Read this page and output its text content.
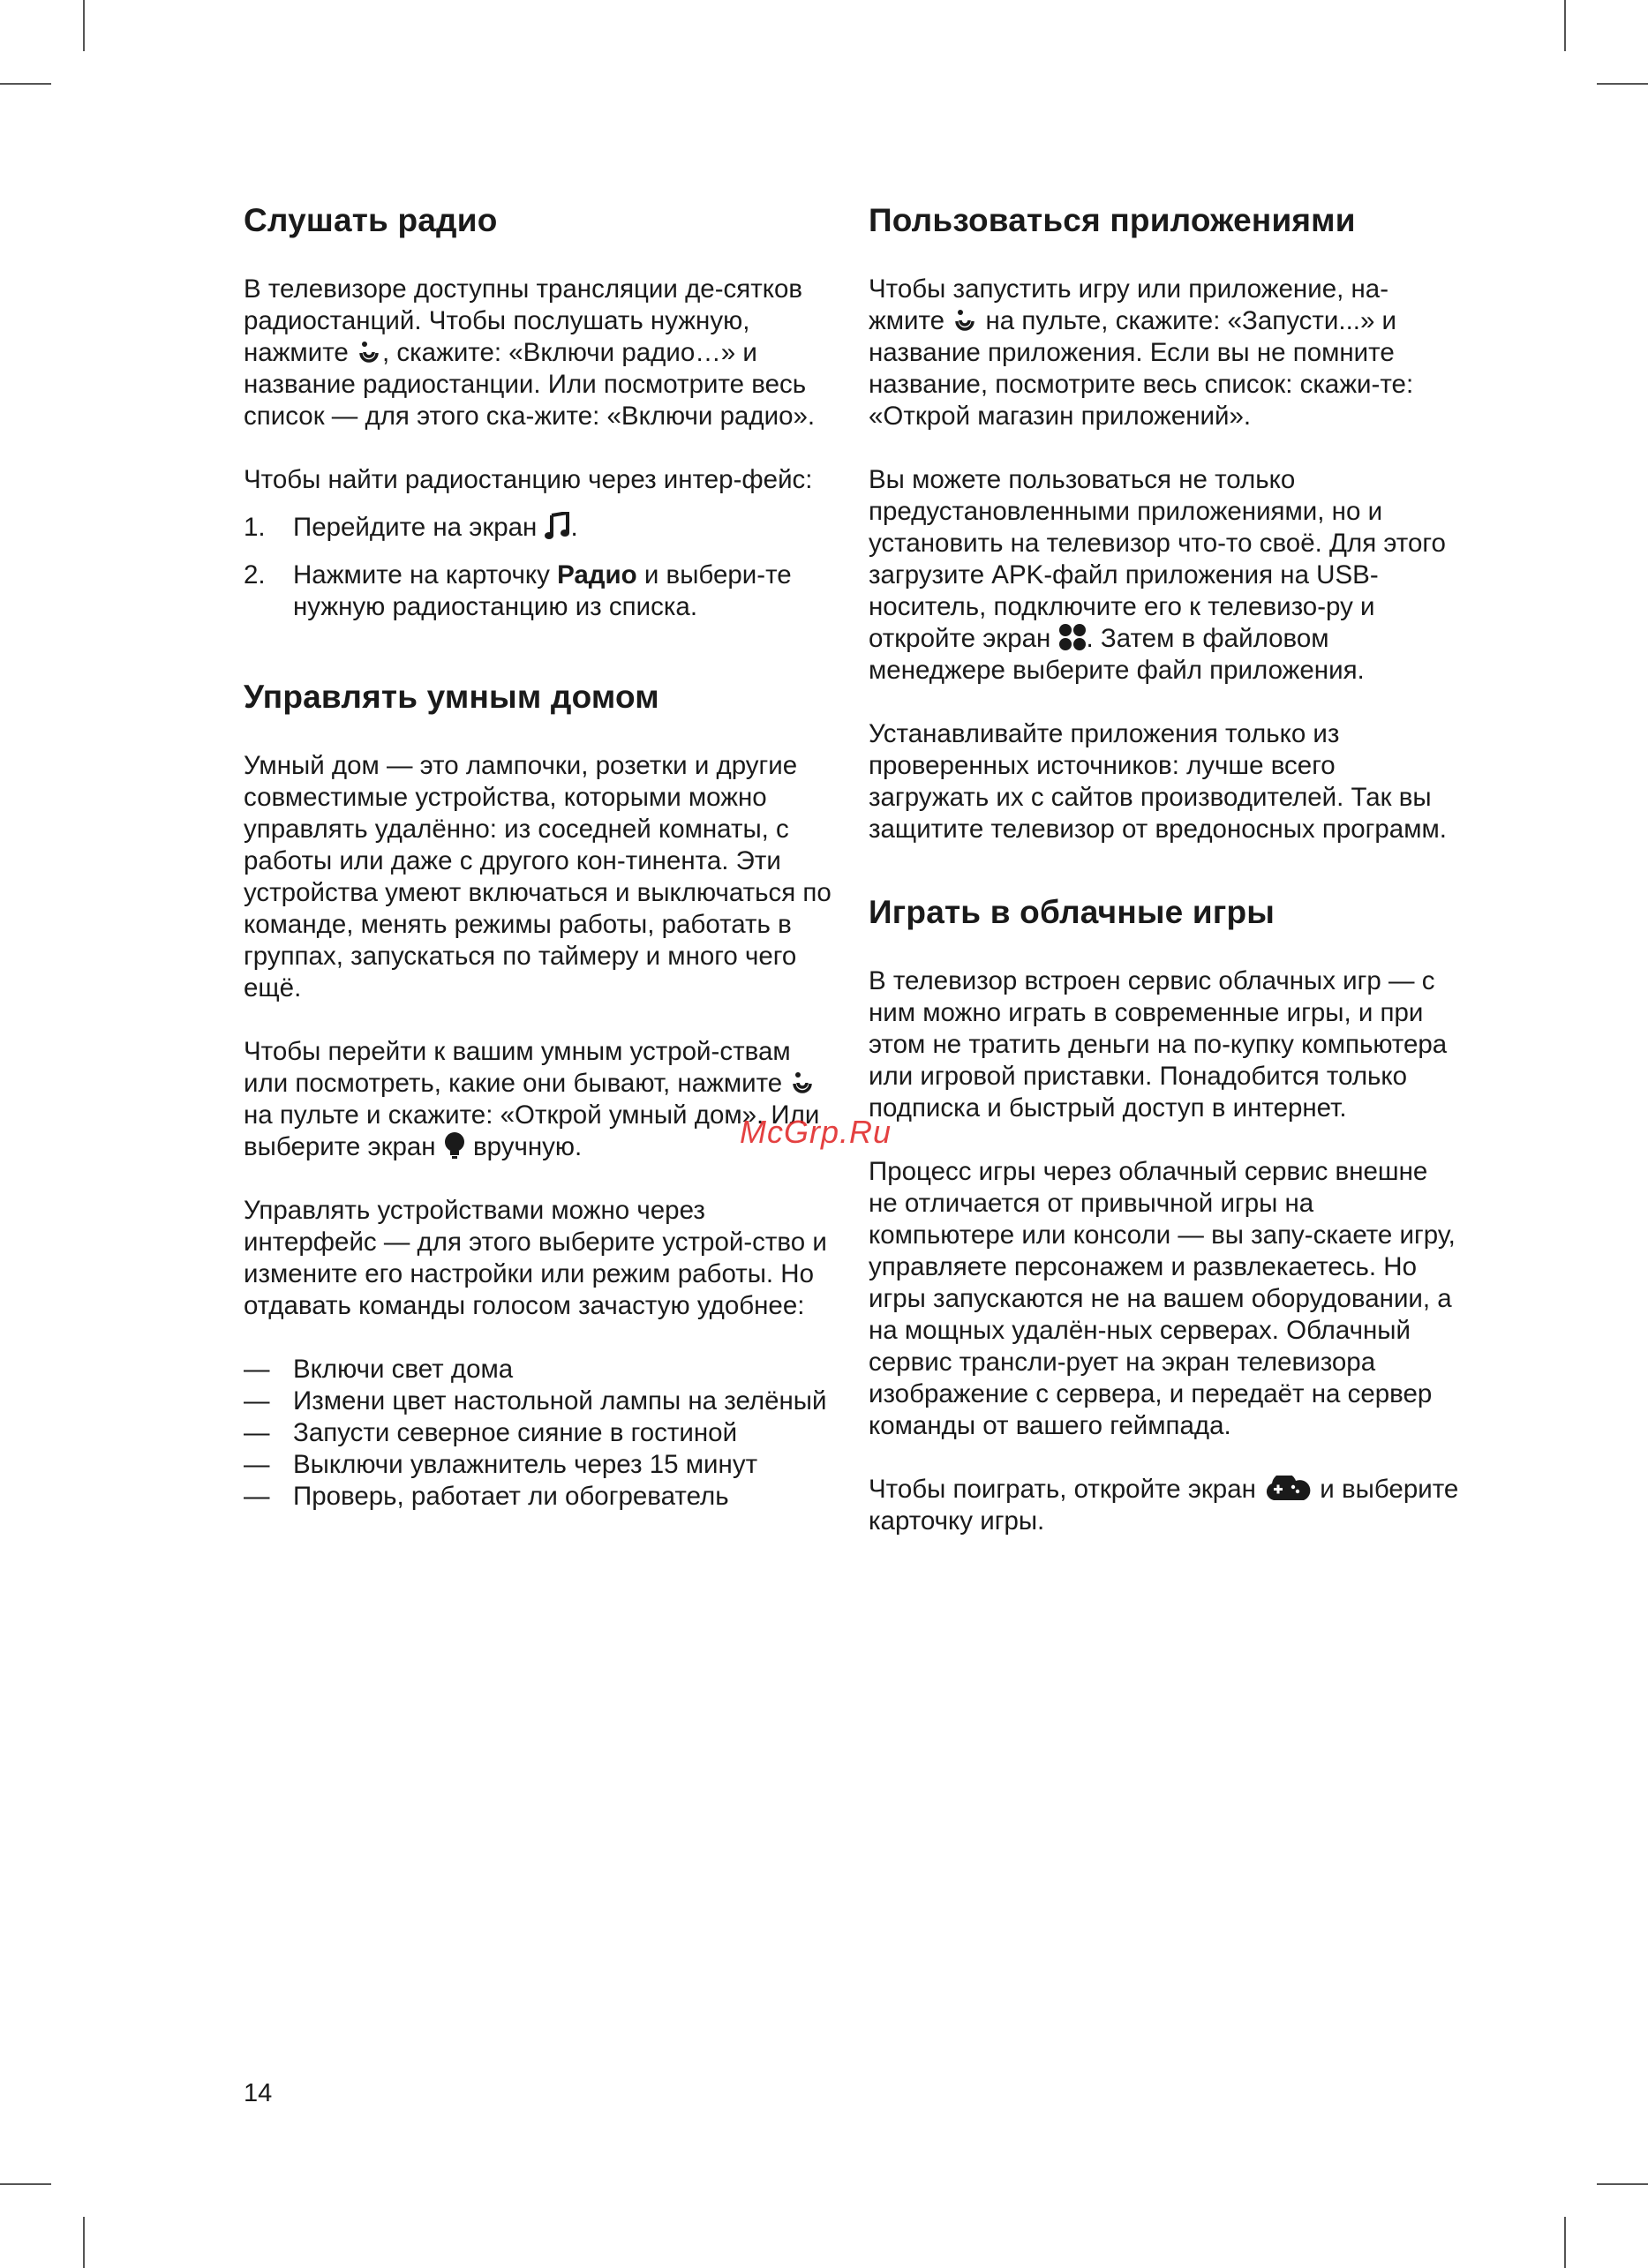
Слушать радио

В телевизоре доступны трансляции де-сятков радиостанций. Чтобы послушать нужную, нажмите , скажите: «Включи радио…» и название радиостанции. Или посмотрите весь список — для этого ска-жите: «Включи радио».

Чтобы найти радиостанцию через интер-фейс:

1. Перейдите на экран .
2. Нажмите на карточку Радио и выбери-те нужную радиостанцию из списка.
Управлять умным домом

Умный дом — это лампочки, розетки и другие совместимые устройства, которыми можно управлять удалённо: из соседней комнаты, с работы или даже с другого кон-тинента. Эти устройства умеют включаться и выключаться по команде, менять режимы работы, работать в группах, запускаться по таймеру и много чего ещё.

Чтобы перейти к вашим умным устрой-ствам или посмотреть, какие они бывают, нажмите  на пульте и скажите: «Открой умный дом». Или выберите экран  вручную.

Управлять устройствами можно через интерфейс — для этого выберите устрой-ство и измените его настройки или режим работы. Но отдавать команды голосом зачастую удобнее:

— Включи свет дома
— Измени цвет настольной лампы на зелёный
— Запусти северное сияние в гостиной
— Выключи увлажнитель через 15 минут
— Проверь, работает ли обогреватель
Пользоваться приложениями

Чтобы запустить игру или приложение, на-жмите  на пульте, скажите: «Запусти...» и название приложения. Если вы не помните название, посмотрите весь список: скажи-те: «Открой магазин приложений».

Вы можете пользоваться не только предустановленными приложениями, но и установить на телевизор что-то своё. Для этого загрузите APK-файл приложения на USB-носитель, подключите его к телевизо-ру и откройте экран . Затем в файловом менеджере выберите файл приложения.

Устанавливайте приложения только из проверенных источников: лучше всего загружать их с сайтов производителей. Так вы защитите телевизор от вредоносных программ.

Играть в облачные игры

В телевизор встроен сервис облачных игр — с ним можно играть в современные игры, и при этом не тратить деньги на по-купку компьютера или игровой приставки. Понадобится только подписка и быстрый доступ в интернет.

Процесс игры через облачный сервис внешне не отличается от привычной игры на компьютере или консоли — вы запу-скаете игру, управляете персонажем и развлекаетесь. Но игры запускаются не на вашем оборудовании, а на мощных удалён-ных серверах. Облачный сервис трансли-рует на экран телевизора изображение с сервера, и передаёт на сервер команды от вашего геймпада.

Чтобы поиграть, откройте экран  и выберите карточку игры.

McGrp.Ru
14
